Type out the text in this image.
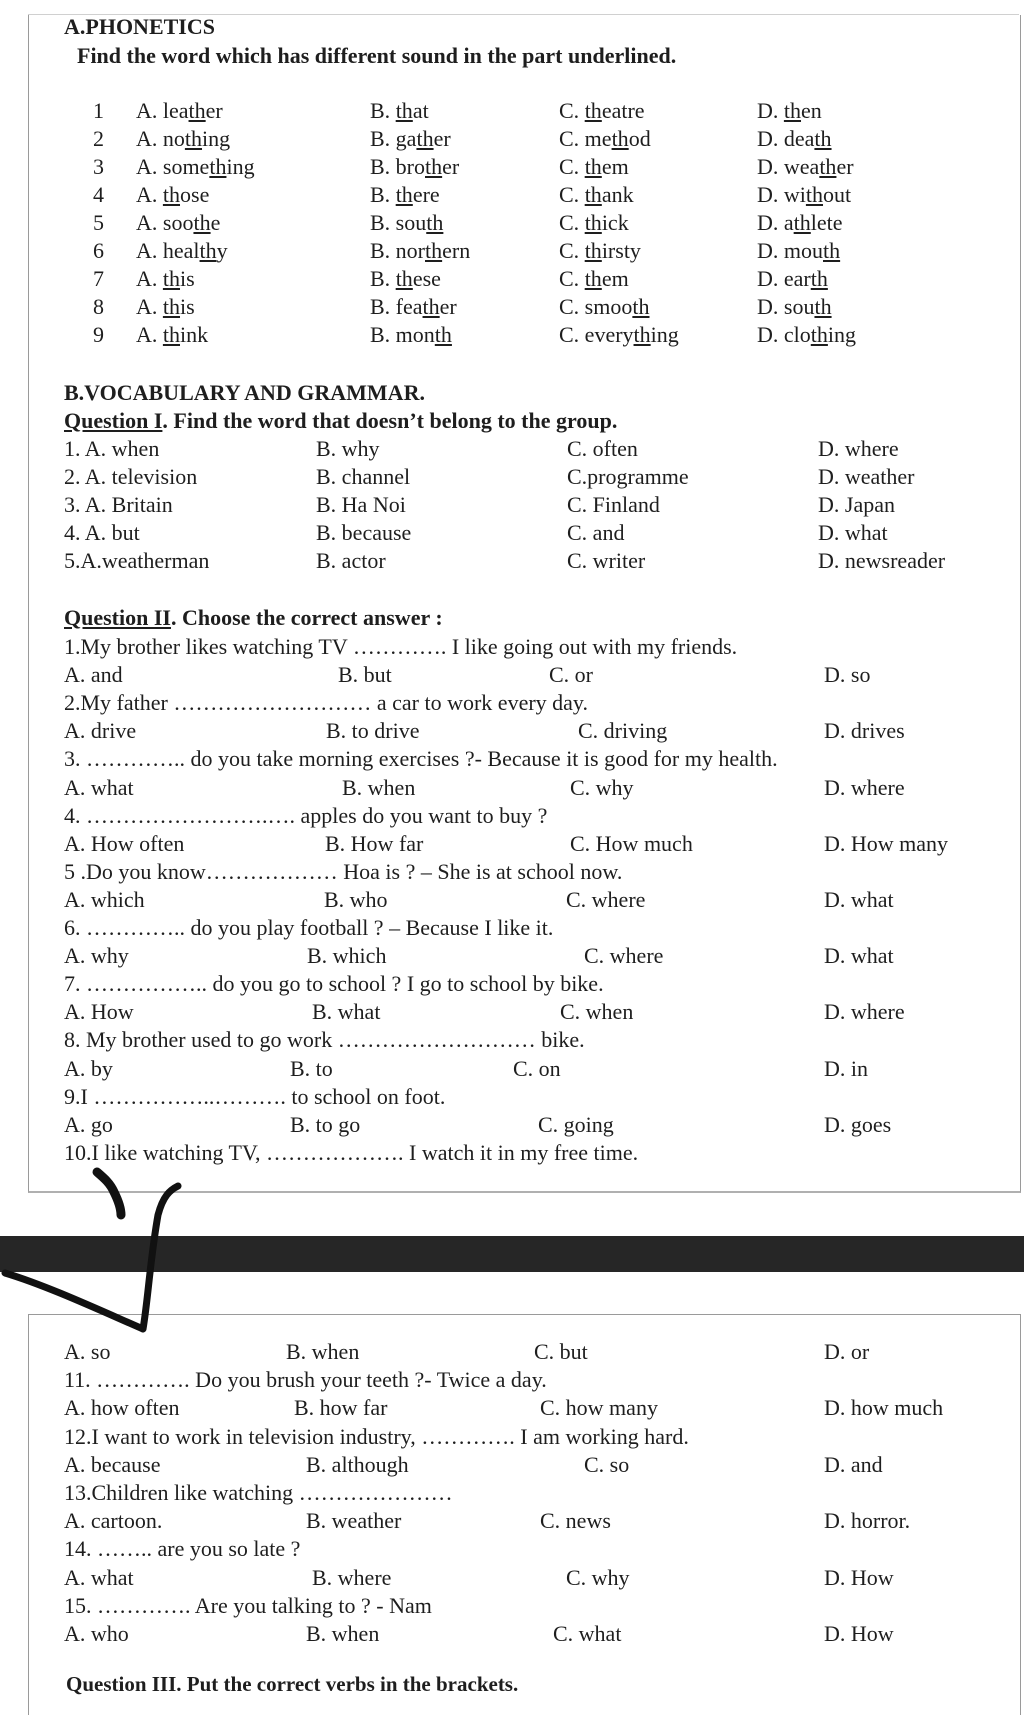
A.PHONETICS
Find the word which has different sound in the part underlined.
1 A. leather	B. that	C. theatre	D. then
2 A. nothing	B. gather	C. method	D. death
3 A. something	B. brother	C. them	D. weather
4 A. those	B. there	C. thank	D. without
5 A. soothe	B. south	C. thick	D. athlete
6 A. healthy	B. northern	C. thirsty	D. mouth
7 A. this	B. these	C. them	D. earth
8 A. this	B. feather	C. smooth	D. south
9 A. think	B. month	C. everything	D. clothing
B.VOCABULARY AND GRAMMAR.
Question I. Find the word that doesn’t belong to the group.
1. A. when	B. why	C. often	D. where
2. A. television	B. channel	C.programme	D. weather
3. A. Britain	B. Ha Noi	C. Finland	D. Japan
4. A. but	B. because	C. and	D. what
5.A.weatherman	B. actor	C. writer	D. newsreader
Question II. Choose the correct answer :
1.My brother likes watching TV …………. I like going out with my friends.
A. and	B. but	C. or	D. so
2.My father ……………………… a car to work every day.
A. drive	B. to drive	C. driving	D. drives
3. ………….. do you take morning exercises ?- Because it is good for my health.
A. what	B. when	C. why	D. where
4. …………………….…. apples do you want to buy ?
A. How often	B. How far	C. How much	D. How many
5 .Do you know……………… Hoa is ? – She is at school now.
A. which	B. who	C. where	D. what
6. ………….. do you play football ? – Because I like it.
A. why	B. which	C. where	D. what
7. …………….. do you go to school ? I go to school by bike.
A. How	B. what	C. when	D. where
8. My brother used to go work ……………………… bike.
A. by	B. to	C. on	D. in
9.I ……………..………. to school on foot.
A. go	B. to go	C. going	D. goes
10.I like watching TV, ………………. I watch it in my free time.
A. so	B. when	C. but	D. or
11. …………. Do you brush your teeth ?- Twice a day.
A. how often	B. how far	C. how many	D. how much
12.I want to work in television industry, …………. I am working hard.
A. because	B. although	C. so	D. and
13.Children like watching …………………
A. cartoon.	B. weather	C. news	D. horror.
14. …….. are you so late ?
A. what	B. where	C. why	D. How
15. …………. Are you talking to ? - Nam
A. who	B. when	C. what	D. How
Question III. Put the correct verbs in the brackets.
